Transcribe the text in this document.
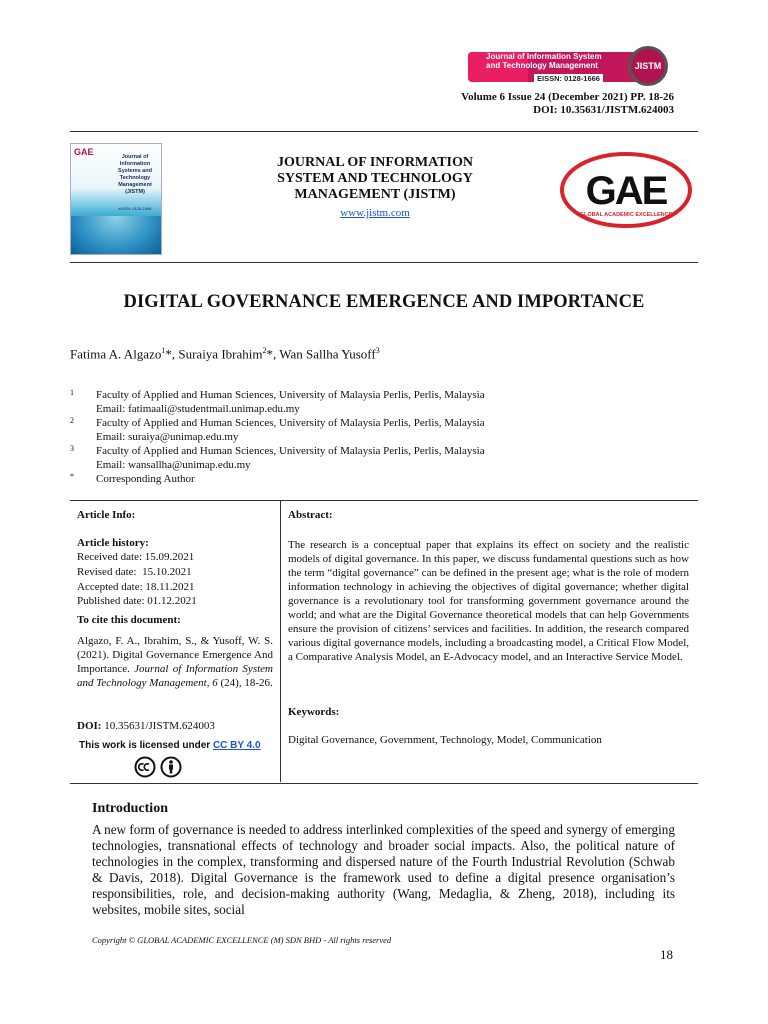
Journal of Information System
and Technology Management
EISSN: 0128-1666
JISTM
Volume 6 Issue 24 (December 2021) PP. 18-26
DOI: 10.35631/JISTM.624003
GAE	Journal of
Information
Systems and
Technology
Management
(JISTM)
eISSN: 0128-1666
JOURNAL OF INFORMATION
SYSTEM AND TECHNOLOGY
MANAGEMENT (JISTM)
www.jistm.com	GAE
GLOBAL ACADEMIC EXCELLENCE
DIGITAL GOVERNANCE EMERGENCE AND IMPORTANCE
Fatima A. Algazo$^1$*, Suraiya Ibrahim$^2$*, Wan Sallha Yusoff$^3$
1 Faculty of Applied and Human Sciences, University of Malaysia Perlis, Perlis, Malaysia
Email: fatimaali@studentmail.unimap.edu.my
2 Faculty of Applied and Human Sciences, University of Malaysia Perlis, Perlis, Malaysia
Email: suraiya@unimap.edu.my
3 Faculty of Applied and Human Sciences, University of Malaysia Perlis, Perlis, Malaysia
Email: wansallha@unimap.edu.my
* Corresponding Author
Article Info:
Article history:
Received date: 15.09.2021
Revised date:  15.10.2021
Accepted date: 18.11.2021
Published date: 01.12.2021
To cite this document:
Algazo, F. A., Ibrahim, S., & Yusoff, W. S. (2021). Digital Governance Emergence And Importance. Journal of Information System and Technology Management, 6 (24), 18-26.
DOI: 10.35631/JISTM.624003
This work is licensed under CC BY 4.0
Abstract:
The research is a conceptual paper that explains its effect on society and the realistic models of digital governance. In this paper, we discuss fundamental questions such as how the term “digital governance” can be defined in the present age; what is the role of modern information technology in achieving the objectives of digital governance; whether digital governance is a revolutionary tool for transforming government governance around the world; and what are the Digital Governance theoretical models that can help Governments ensure the provision of citizens’ services and facilities. In addition, the research compared various digital governance models, including a broadcasting model, a Critical Flow Model, a Comparative Analysis Model, an E-Advocacy model, and an Interactive Service Model.
Keywords:
Digital Governance, Government, Technology, Model, Communication
Introduction
A new form of governance is needed to address interlinked complexities of the speed and synergy of emerging technologies, transnational effects of technology and broader social impacts. Also, the political nature of technologies in the complex, transforming and dispersed nature of the Fourth Industrial Revolution (Schwab & Davis, 2018). Digital Governance is the framework used to define a digital presence organisation’s responsibilities, role, and decision-making authority (Wang, Medaglia, & Zheng, 2018), including its websites, mobile sites, social
Copyright © GLOBAL ACADEMIC EXCELLENCE (M) SDN BHD - All rights reserved
18
